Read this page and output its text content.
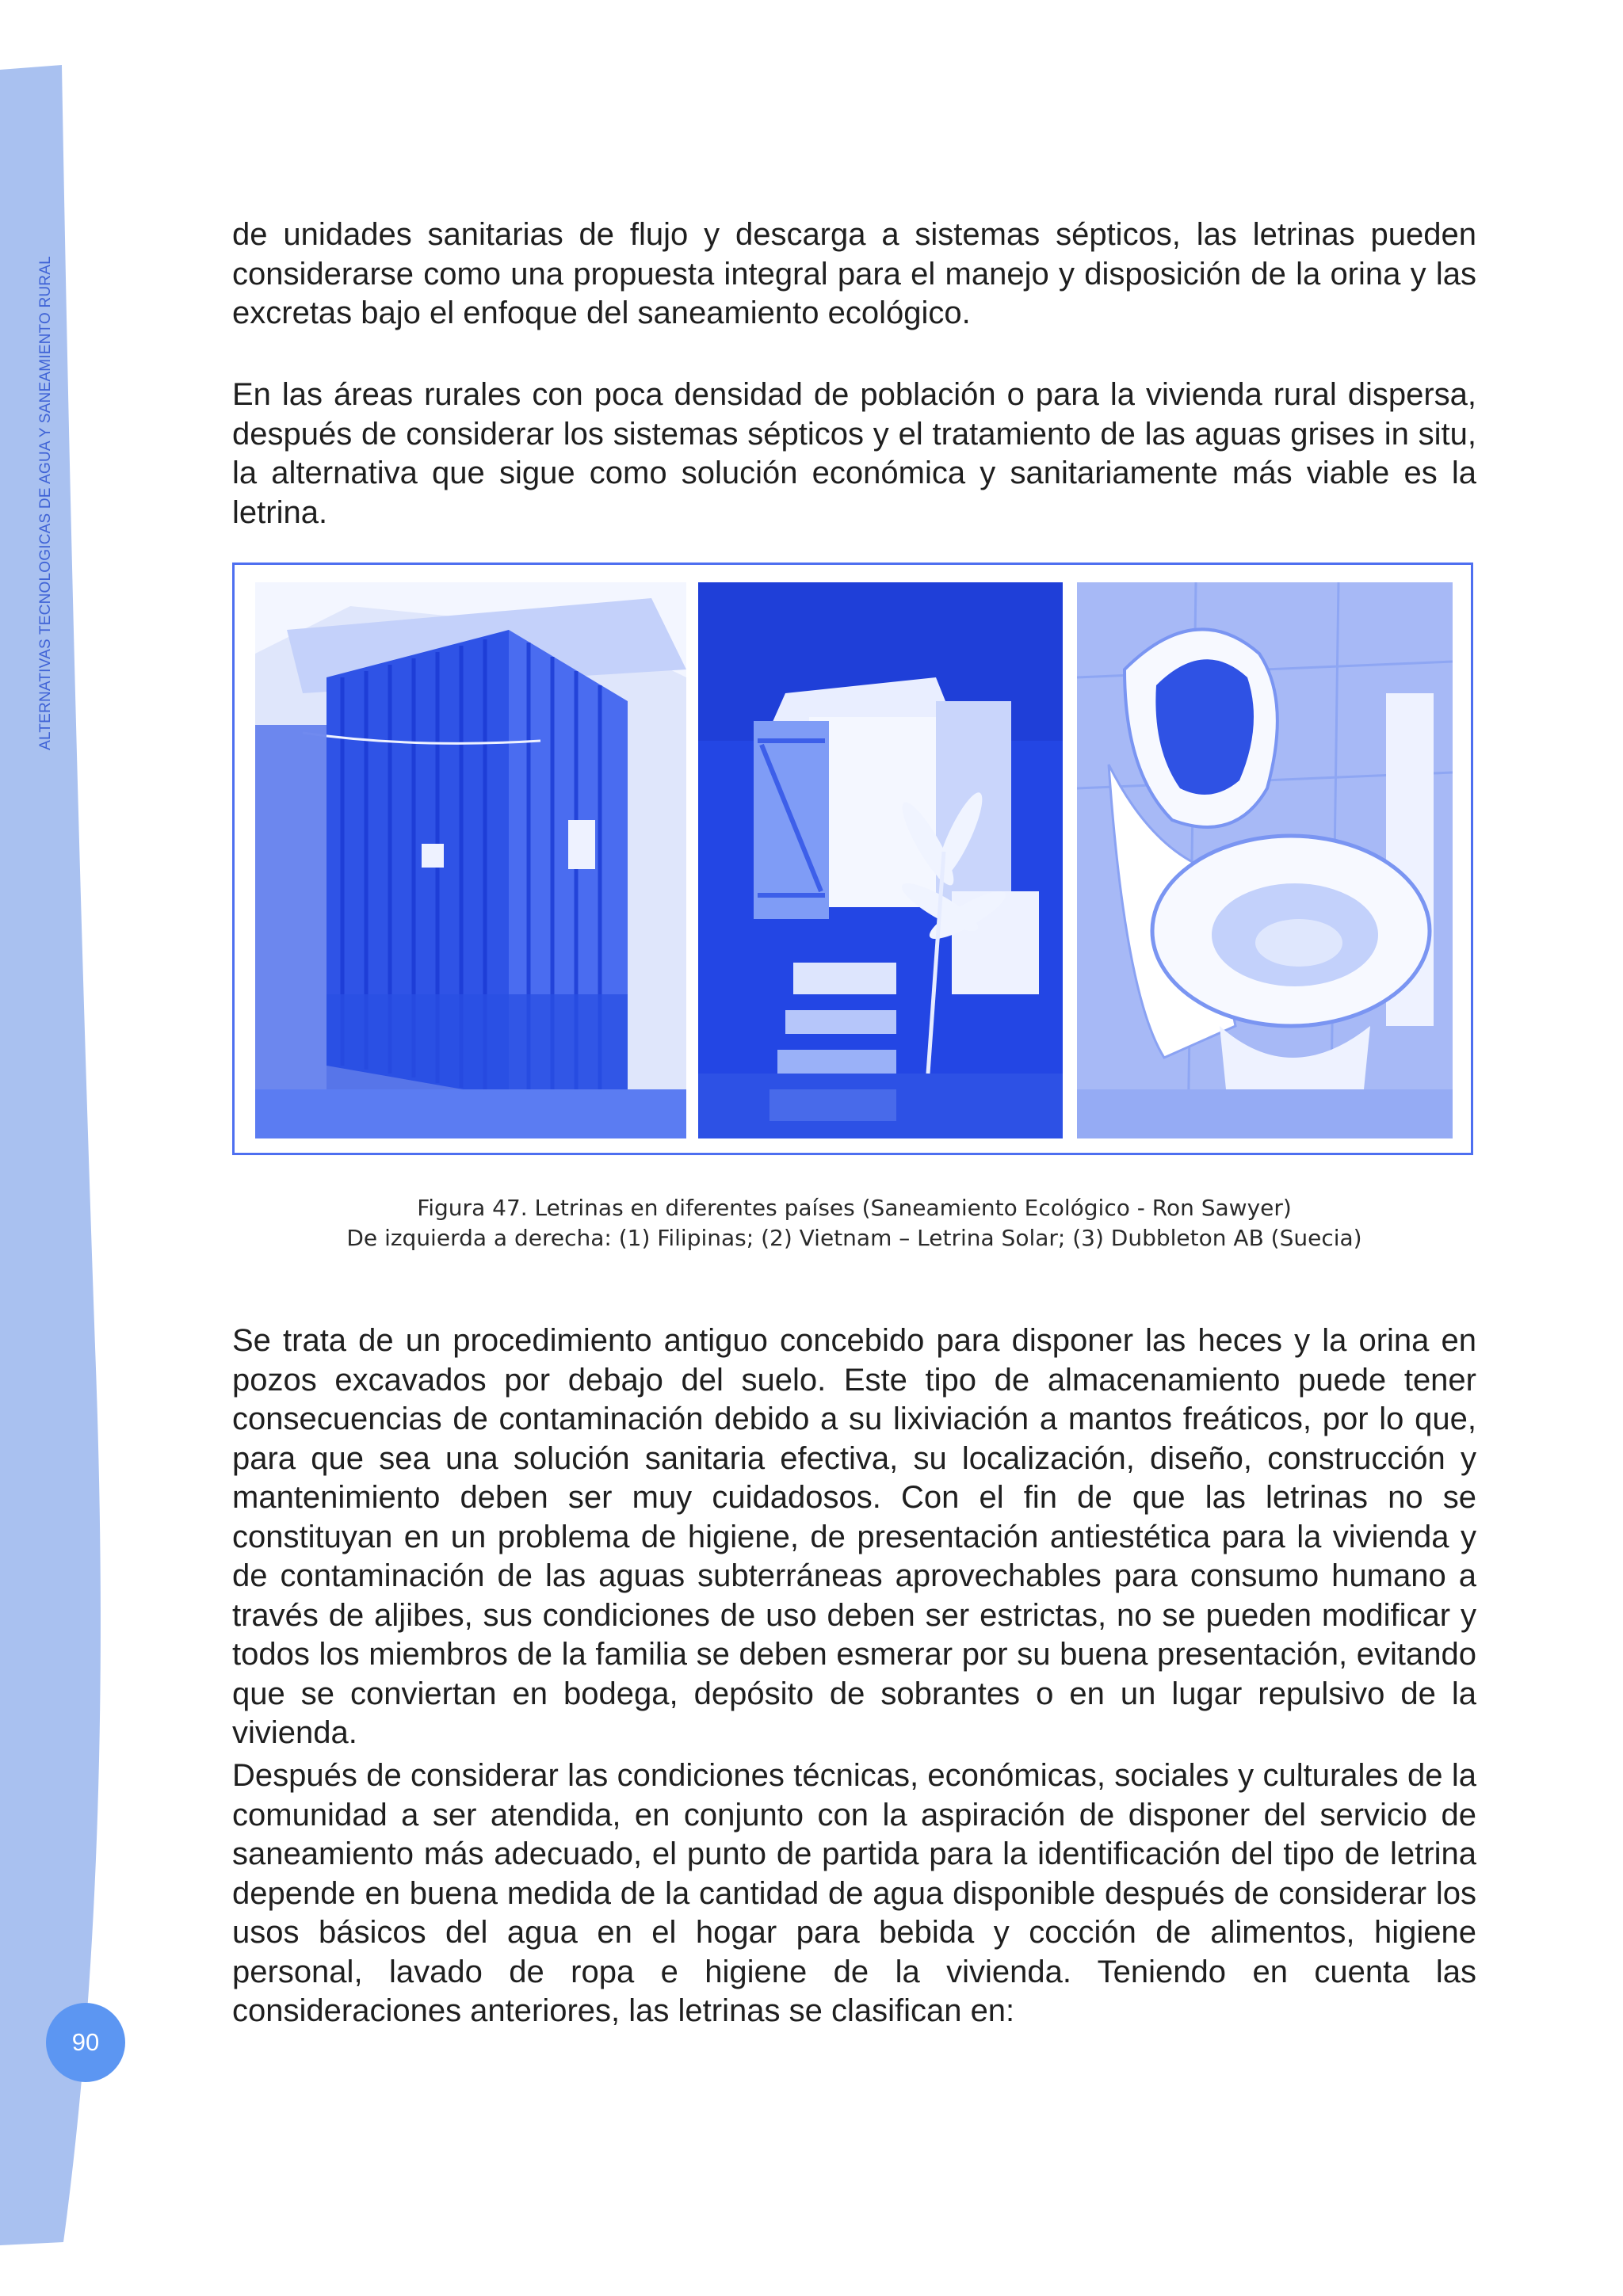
ALTERNATIVAS TECNOLOGICAS DE AGUA Y SANEAMIENTO RURAL
90

de unidades sanitarias de flujo y descarga a sistemas sépticos, las letrinas pueden considerarse como una propuesta integral para el manejo y disposición de la orina y las excretas bajo el enfoque del saneamiento ecológico.

En las áreas rurales con poca densidad de población o para la vivienda rural dispersa, después de considerar los sistemas sépticos y el tratamiento de las aguas grises in situ, la alternativa que sigue como solución económica y sanitariamente más viable es la letrina.

Figura 47. Letrinas en diferentes países (Saneamiento Ecológico - Ron Sawyer)
De izquierda a derecha: (1) Filipinas; (2) Vietnam – Letrina Solar; (3) Dubbleton AB (Suecia)

Se trata de un procedimiento antiguo concebido para disponer las heces y la orina en pozos excavados por debajo del suelo. Este tipo de almacenamiento puede tener consecuencias de contaminación debido a su lixiviación a mantos freáticos, por lo que, para que sea una solución sanitaria efectiva, su localización, diseño, construcción y mantenimiento deben ser muy cuidadosos. Con el fin de que las letrinas no se constituyan en un problema de higiene, de presentación antiestética para la vivienda y de contaminación de las aguas subterráneas aprovechables para consumo humano a través de aljibes, sus condiciones de uso deben ser estrictas, no se pueden modificar y todos los miembros de la familia se deben esmerar por su buena presentación, evitando que se conviertan en bodega, depósito de sobrantes o en un lugar repulsivo de la vivienda.

Después de considerar las condiciones técnicas, económicas, sociales y culturales de la comunidad a ser atendida, en conjunto con la aspiración de disponer del servicio de saneamiento más adecuado, el punto de partida para la identificación del tipo de letrina depende en buena medida de la cantidad de agua disponible después de considerar los usos básicos del agua en el hogar para bebida y cocción de alimentos, higiene personal, lavado de ropa e higiene de la vivienda. Teniendo en cuenta las consideraciones anteriores, las letrinas se clasifican en:
